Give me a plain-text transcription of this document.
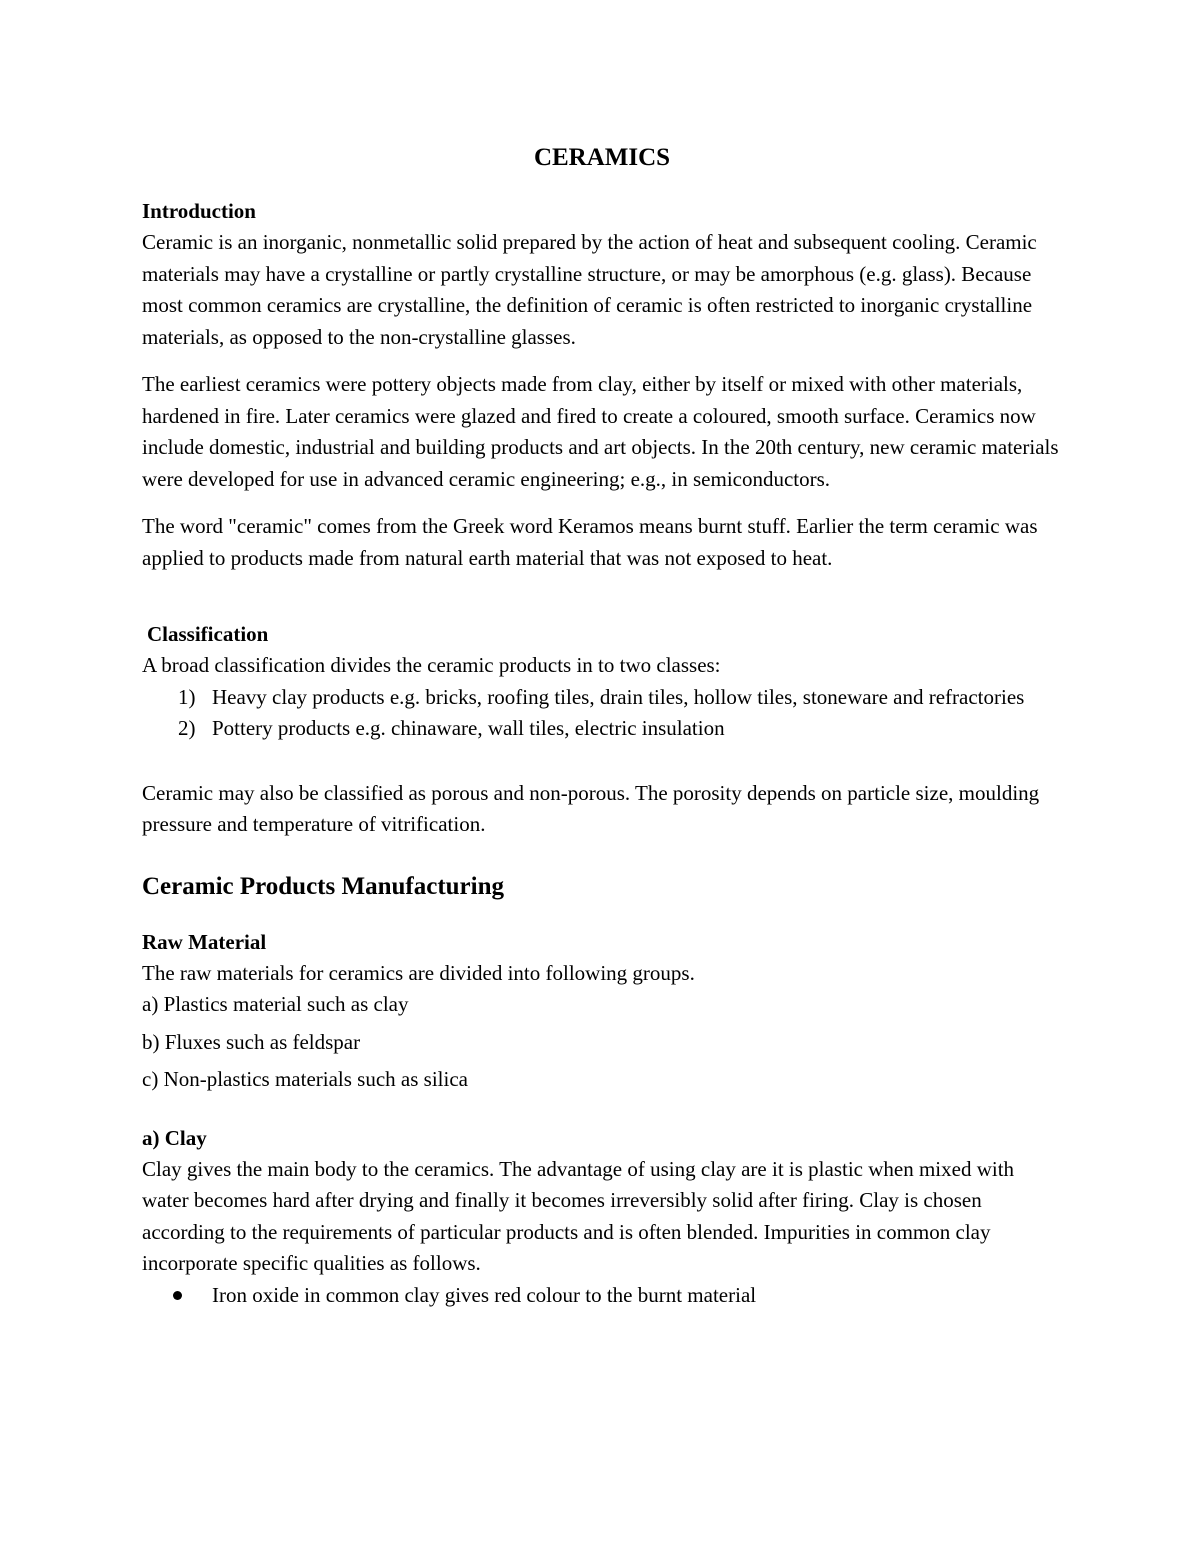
CERAMICS
Introduction

Ceramic is an inorganic, nonmetallic solid prepared by the action of heat and subsequent cooling. Ceramic materials may have a crystalline or partly crystalline structure, or may be amorphous (e.g. glass). Because most common ceramics are crystalline, the definition of ceramic is often restricted to inorganic crystalline materials, as opposed to the non-crystalline glasses.

The earliest ceramics were pottery objects made from clay, either by itself or mixed with other materials, hardened in fire. Later ceramics were glazed and fired to create a coloured, smooth surface. Ceramics now include domestic, industrial and building products and art objects. In the 20th century, new ceramic materials were developed for use in advanced ceramic engineering; e.g., in semiconductors.

The word "ceramic" comes from the Greek word Keramos means burnt stuff. Earlier the term ceramic was applied to products made from natural earth material that was not exposed to heat.

Classification

A broad classification divides the ceramic products in to two classes:

1) Heavy clay products e.g. bricks, roofing tiles, drain tiles, hollow tiles, stoneware and refractories
2) Pottery products e.g. chinaware, wall tiles, electric insulation

Ceramic may also be classified as porous and non-porous. The porosity depends on particle size, moulding pressure and temperature of vitrification.

Ceramic Products Manufacturing
Raw Material

The raw materials for ceramics are divided into following groups.

a) Plastics material such as clay

b) Fluxes such as feldspar

c) Non-plastics materials such as silica

a) Clay

Clay gives the main body to the ceramics. The advantage of using clay are it is plastic when mixed with water becomes hard after drying and finally it becomes irreversibly solid after firing. Clay is chosen according to the requirements of particular products and is often blended. Impurities in common clay incorporate specific qualities as follows.

Iron oxide in common clay gives red colour to the burnt material
